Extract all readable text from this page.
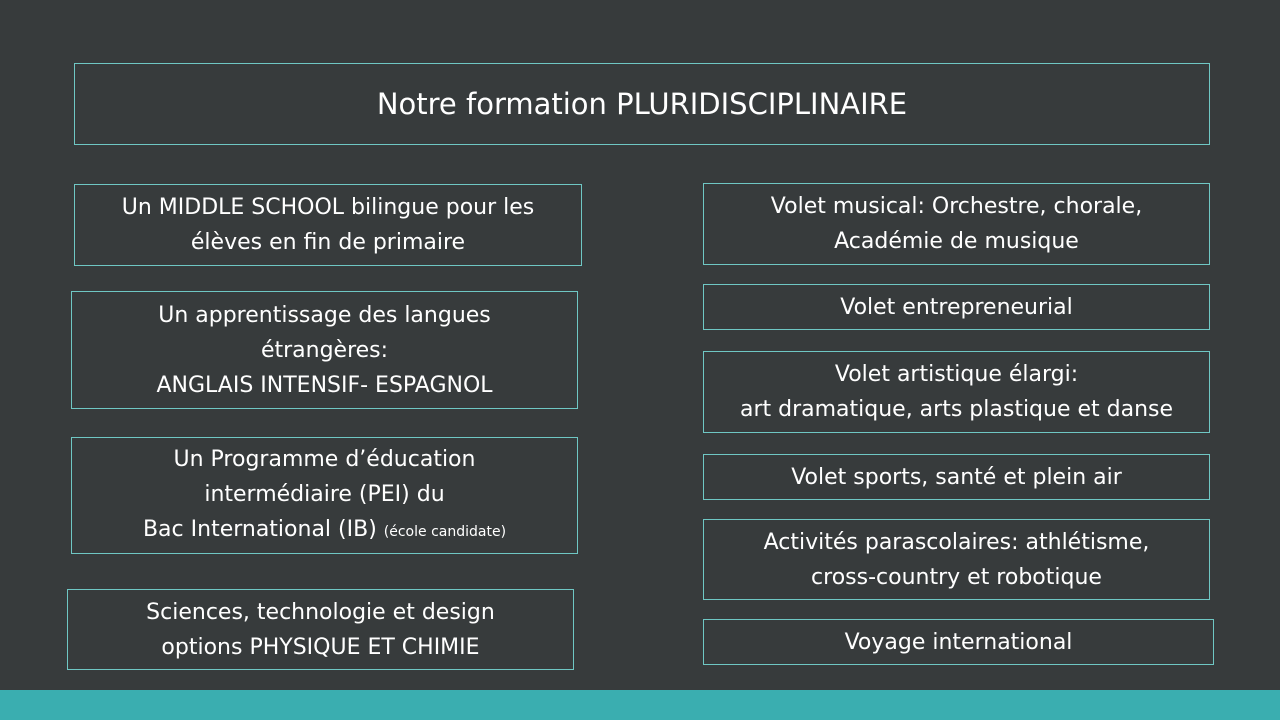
Notre formation PLURIDISCIPLINAIRE
Un MIDDLE SCHOOL bilingue pour les
élèves en fin de primaire
Un apprentissage des langues
étrangères:
ANGLAIS INTENSIF- ESPAGNOL
Un Programme d’éducation
intermédiaire (PEI) du
Bac International (IB) (école candidate)
Sciences, technologie et design
options PHYSIQUE ET CHIMIE
Volet musical: Orchestre, chorale,
Académie de musique
Volet entrepreneurial
Volet artistique élargi:
art dramatique, arts plastique et danse
Volet sports, santé et plein air
Activités parascolaires: athlétisme,
cross-country et robotique
Voyage international
